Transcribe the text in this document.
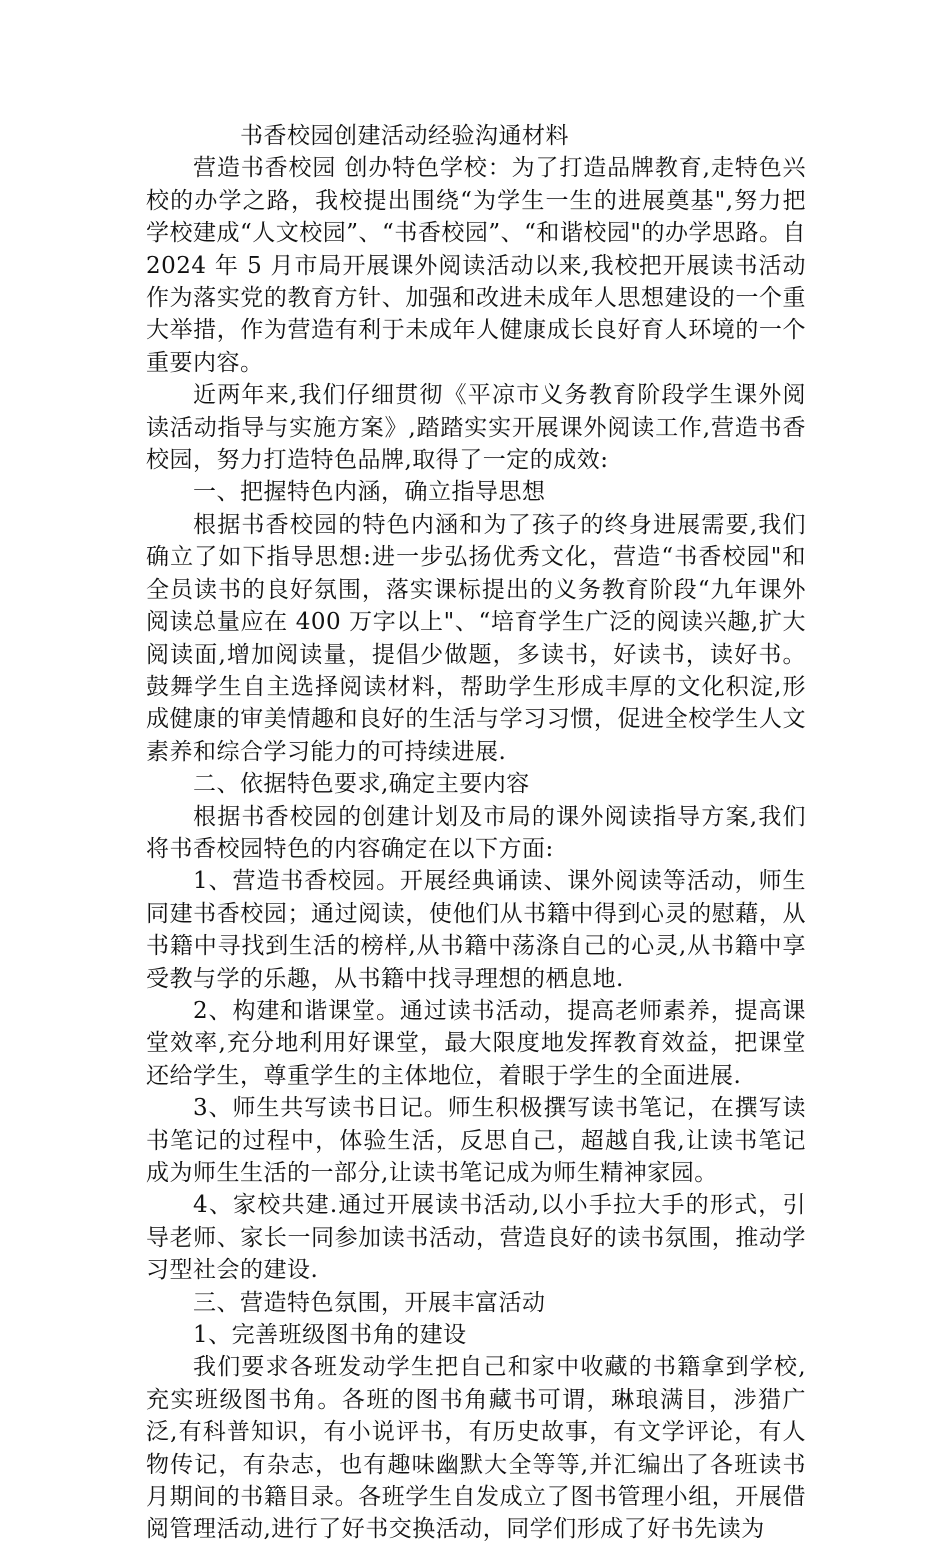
书香校园创建活动经验沟通材料

营造书香校园 创办特色学校：为了打造品牌教育,走特色兴校的办学之路，我校提出围绕“为学生一生的进展奠基",努力把学校建成“人文校园”、“书香校园”、“和谐校园"的办学思路。自 2024 年 5 月市局开展课外阅读活动以来,我校把开展读书活动作为落实党的教育方针、加强和改进未成年人思想建设的一个重大举措，作为营造有利于未成年人健康成长良好育人环境的一个重要内容。

近两年来,我们仔细贯彻《平凉市义务教育阶段学生课外阅读活动指导与实施方案》,踏踏实实开展课外阅读工作,营造书香校园，努力打造特色品牌,取得了一定的成效:

一、把握特色内涵，确立指导思想

根据书香校园的特色内涵和为了孩子的终身进展需要,我们确立了如下指导思想:进一步弘扬优秀文化，营造“书香校园"和全员读书的良好氛围，落实课标提出的义务教育阶段“九年课外阅读总量应在 400 万字以上"、“培育学生广泛的阅读兴趣,扩大阅读面,增加阅读量，提倡少做题，多读书，好读书，读好书。鼓舞学生自主选择阅读材料，帮助学生形成丰厚的文化积淀,形成健康的审美情趣和良好的生活与学习习惯，促进全校学生人文素养和综合学习能力的可持续进展.

二、依据特色要求,确定主要内容

根据书香校园的创建计划及市局的课外阅读指导方案,我们将书香校园特色的内容确定在以下方面:

1、营造书香校园。开展经典诵读、课外阅读等活动，师生同建书香校园；通过阅读，使他们从书籍中得到心灵的慰藉，从书籍中寻找到生活的榜样,从书籍中荡涤自己的心灵,从书籍中享受教与学的乐趣，从书籍中找寻理想的栖息地.

2、构建和谐课堂。通过读书活动，提高老师素养，提高课堂效率,充分地利用好课堂，最大限度地发挥教育效益，把课堂还给学生，尊重学生的主体地位，着眼于学生的全面进展.

3、师生共写读书日记。师生积极撰写读书笔记，在撰写读书笔记的过程中，体验生活，反思自己，超越自我,让读书笔记成为师生生活的一部分,让读书笔记成为师生精神家园。

4、家校共建.通过开展读书活动,以小手拉大手的形式，引导老师、家长一同参加读书活动，营造良好的读书氛围，推动学习型社会的建设.

三、营造特色氛围，开展丰富活动

1、完善班级图书角的建设

我们要求各班发动学生把自己和家中收藏的书籍拿到学校,充实班级图书角。各班的图书角藏书可谓，琳琅满目，涉猎广泛,有科普知识，有小说评书，有历史故事，有文学评论，有人物传记，有杂志，也有趣味幽默大全等等,并汇编出了各班读书月期间的书籍目录。各班学生自发成立了图书管理小组，开展借阅管理活动,进行了好书交换活动，同学们形成了好书先读为
